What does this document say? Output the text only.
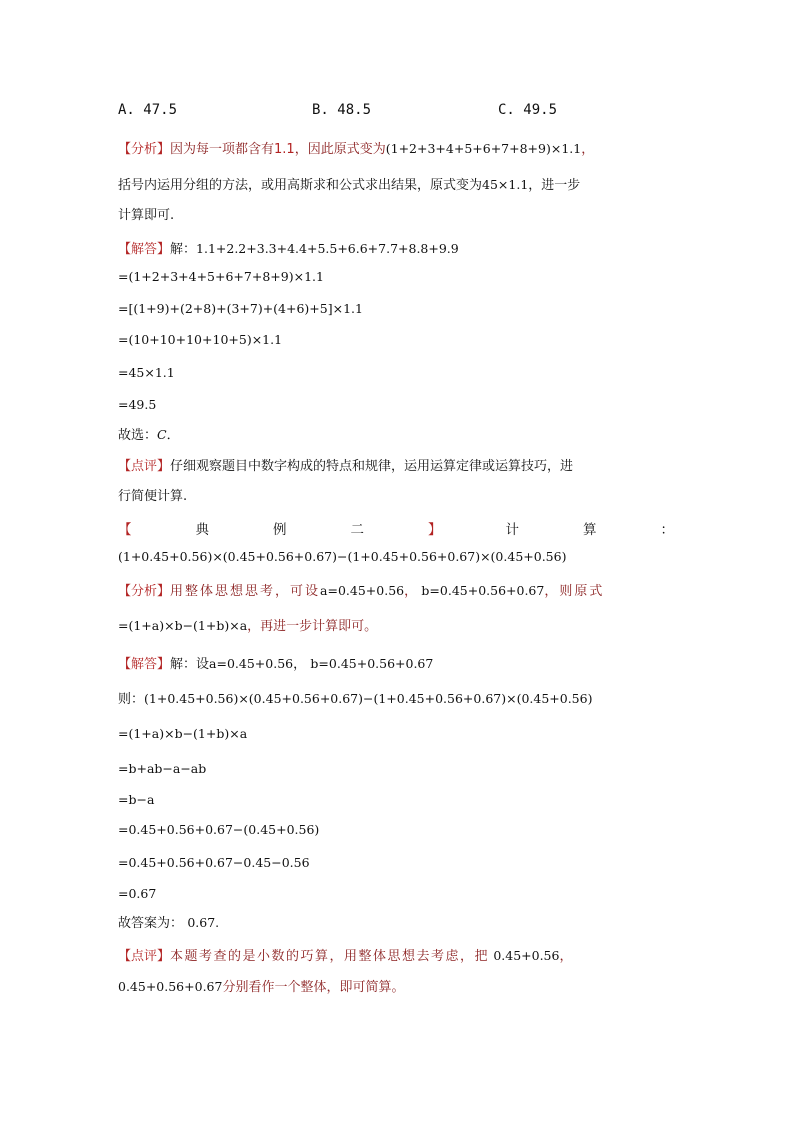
A. 47.5	B. 48.5	C. 49.5
【分析】因为每一项都含有1.1，因此原式变为(1+2+3+4+5+6+7+8+9)×1.1，
括号内运用分组的方法，或用高斯求和公式求出结果，原式变为45×1.1，进一步
计算即可.
【解答】解：1.1+2.2+3.3+4.4+5.5+6.6+7.7+8.8+9.9
=(1+2+3+4+5+6+7+8+9)×1.1
=[(1+9)+(2+8)+(3+7)+(4+6)+5]×1.1
=(10+10+10+10+5)×1.1
=45×1.1
=49.5
故选：C．
【点评】仔细观察题目中数字构成的特点和规律，运用运算定律或运算技巧，进
行简便计算.
【	典	例	二	】	计	算	：
(1+0.45+0.56)×(0.45+0.56+0.67)−(1+0.45+0.56+0.67)×(0.45+0.56)
【分析】用整体思想思考，可设a=0.45+0.56， b=0.45+0.56+0.67，则原式
=(1+a)×b−(1+b)×a，再进一步计算即可。
【解答】解：设a=0.45+0.56， b=0.45+0.56+0.67
则：(1+0.45+0.56)×(0.45+0.56+0.67)−(1+0.45+0.56+0.67)×(0.45+0.56)
=(1+a)×b−(1+b)×a
=b+ab−a−ab
=b−a
=0.45+0.56+0.67−(0.45+0.56)
=0.45+0.56+0.67−0.45−0.56
=0.67
故答案为： 0.67.
【点评】本题考查的是小数的巧算，用整体思想去考虑，把 0.45+0.56，
0.45+0.56+0.67分别看作一个整体，即可简算。
